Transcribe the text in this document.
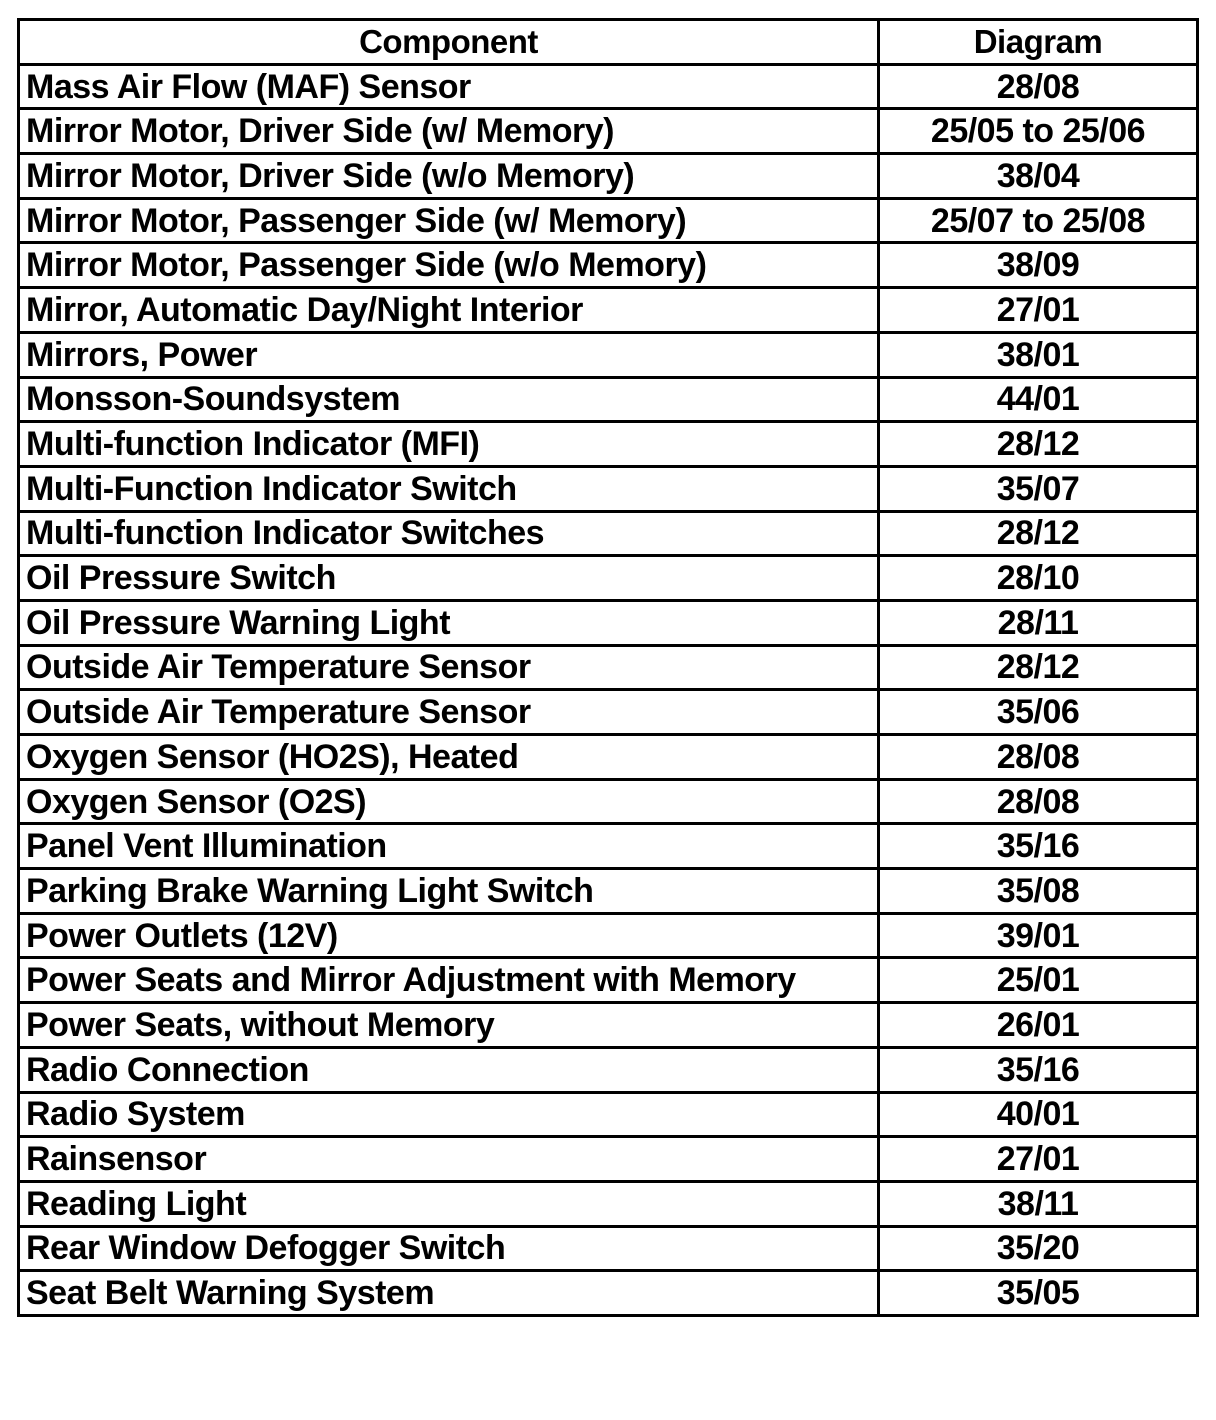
Component	Diagram
Mass Air Flow (MAF) Sensor	28/08
Mirror Motor, Driver Side (w/ Memory)	25/05 to 25/06
Mirror Motor, Driver Side (w/o Memory)	38/04
Mirror Motor, Passenger Side (w/ Memory)	25/07 to 25/08
Mirror Motor, Passenger Side (w/o Memory)	38/09
Mirror, Automatic Day/Night Interior	27/01
Mirrors, Power	38/01
Monsson-Soundsystem	44/01
Multi-function Indicator (MFI)	28/12
Multi-Function Indicator Switch	35/07
Multi-function Indicator Switches	28/12
Oil Pressure Switch	28/10
Oil Pressure Warning Light	28/11
Outside Air Temperature Sensor	28/12
Outside Air Temperature Sensor	35/06
Oxygen Sensor (HO2S), Heated	28/08
Oxygen Sensor (O2S)	28/08
Panel Vent Illumination	35/16
Parking Brake Warning Light Switch	35/08
Power Outlets (12V)	39/01
Power Seats and Mirror Adjustment with Memory	25/01
Power Seats, without Memory	26/01
Radio Connection	35/16
Radio System	40/01
Rainsensor	27/01
Reading Light	38/11
Rear Window Defogger Switch	35/20
Seat Belt Warning System	35/05
